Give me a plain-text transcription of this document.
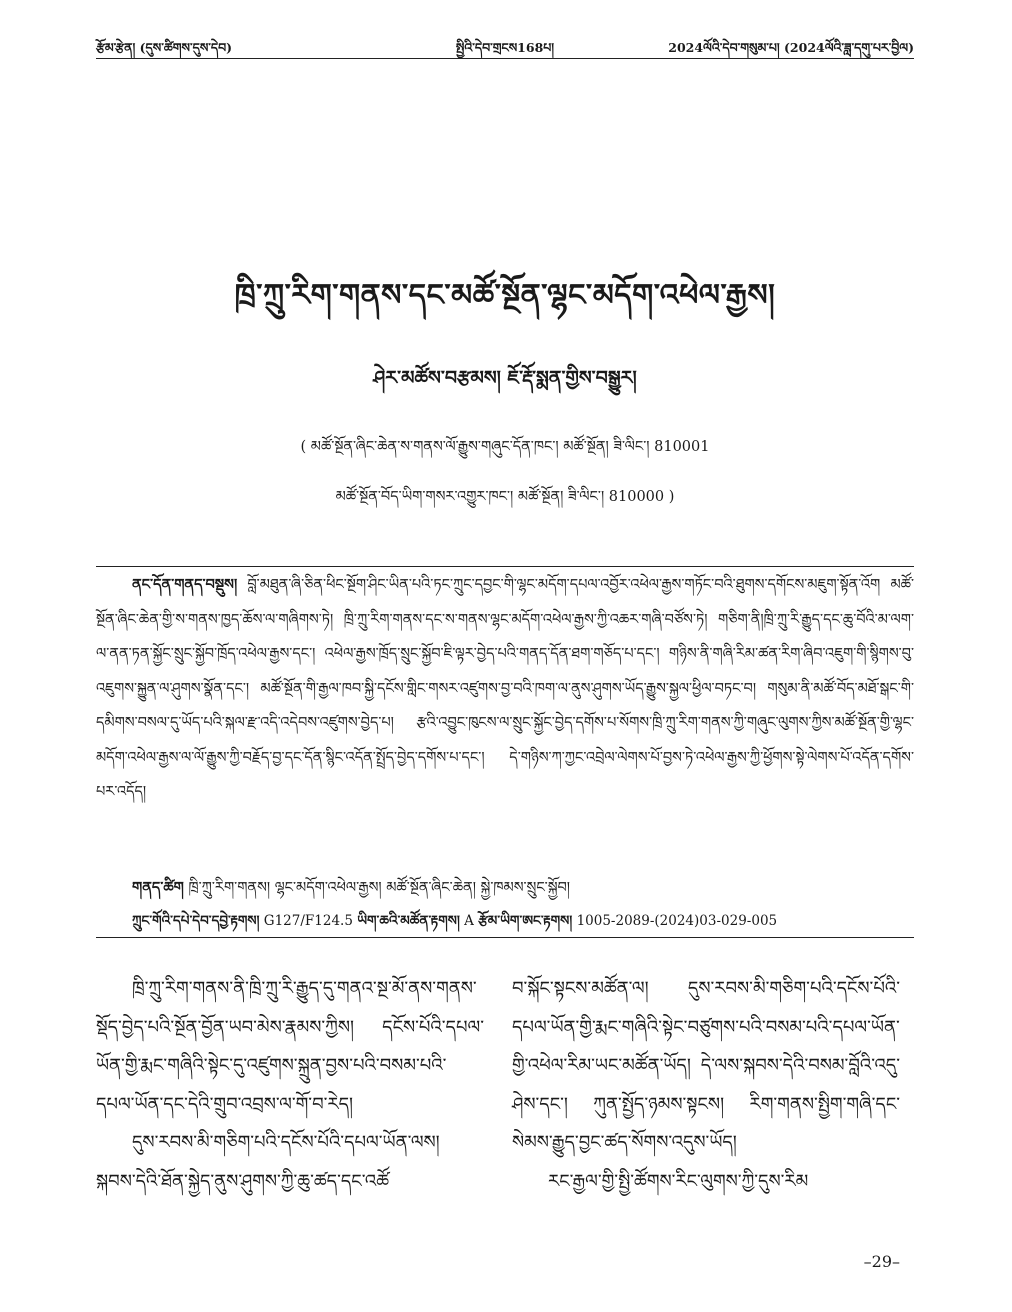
རྩོམ་རྩེན། (དུས་ཚིགས་དུས་དེབ)	སྤྱིའི་དེབ་གྲངས168པ།	2024ལོའི་དེབ་གསུམ་པ། (2024ལོའི་ཟླ་དགུ་པར་བྱིལ)
ཁྲི་ཀྲུ་རིག་གནས་དང་མཚོ་སྔོན་ལྷང་མདོག་འཕེལ་རྒྱས།
ཤེར་མཚོས་བརྩམས། ཇོ་རྡོ་སྨན་གྱིས་བསྒྱུར།
( མཚོ་སྔོན་ཞིང་ཆེན་ས་གནས་ལོ་རྒྱུས་གཞུང་དོན་ཁང་། མཚོ་སྔོན། ཟི་ལིང་། 810001
མཚོ་སྔོན་བོད་ཡིག་གསར་འགྱུར་ཁང་། མཚོ་སྔོན། ཟི་ལིང་། 810000 )

ནང་དོན་གནད་བསྡུས། བློ་མཐུན་ཞི་ཅིན་ཕིང་སྔོག་ཤིང་ཡིན་པའི་ཏང་ཀྲུང་དབྱང་གི་ལྷང་མདོག་དཔལ་འབྱོར་འཕེལ་རྒྱས་གཏོང་བའི་ཐུགས་དགོངས་མཇུག་སྟོན་འོག མཚོ་སྔོན་ཞིང་ཆེན་གྱི་ས་གནས་ཁྱད་ཆོས་ལ་གཞིགས་ཏེ། ཁྲི་ཀྲུ་རིག་གནས་དང་ས་གནས་ལྷང་མདོག་འཕེལ་རྒྱས་ཀྱི་འཆར་གཞི་བཙོས་ཏེ། གཅིག་ནི།ཁྲི་ཀྲུ་རི་རྒྱུད་དང་ཆུ་བོའི་མ་ལག་ལ་ནན་ཏན་སྐྱོང་སྲུང་སྐྱོབ་ཁྲོད་འཕེལ་རྒྱས་དང་། འཕེལ་རྒྱས་ཁྲོད་སྲུང་སྐྱོབ་ཇི་ལྟར་བྱེད་པའི་གནད་དོན་ཐག་གཅོད་པ་དང་། གཉིས་ནི་གཞི་རིམ་ཚན་རིག་ཞིབ་འཇུག་གི་སྙིགས་བུ་འཇུགས་སྐྱུན་ལ་ཤུགས་སྣོན་དང་། མཚོ་སྔོན་གི་རྒྱལ་ཁབ་སྐྱི་དངོས་གླིང་གསར་འཛུགས་བྱ་བའི་ཁག་ལ་ནུས་ཤུགས་ཡོད་རྒྱུས་སྐྱལ་ཕྱིལ་བཏང་བ། གསུམ་ནི་མཚོ་བོད་མཐོ་སྒང་གི་དམིགས་བསལ་དུ་ཡོད་པའི་སྐལ་རྫ་འདི་འདེབས་འཛུགས་བྱེད་པ། རྩའི་འབྱུང་ཁུངས་ལ་སྲུང་སྐྱོང་བྱེད་དགོས་པ་སོགས་ཁྲི་ཀྲུ་རིག་གནས་ཀྱི་གཞུང་ལུགས་ཀྱིས་མཚོ་སྔོན་གྱི་ལྷང་མདོག་འཕེལ་རྒྱས་ལ་ལོ་རྒྱུས་ཀྱི་བརྗོད་བྱ་དང་དོན་སྙིང་འདོན་སྤྲོད་བྱེད་དགོས་པ་དང་། དེ་གཉིས་ཀ་ཀྱང་འབྲེལ་ལེགས་པོ་བྱས་ཏེ་འཕེལ་རྒྱས་ཀྱི་ཕྱོགས་སྟེ་ལེགས་པོ་འདོན་དགོས་པར་འདོད།

གནད་ཚིག ཁྲི་ཀྲུ་རིག་གནས། ལྷང་མདོག་འཕེལ་རྒྱས། མཚོ་སྔོན་ཞིང་ཆེན། སྐྱེ་ཁམས་སྲུང་སྐྱོབ།
ཀྲུང་གོའི་དཔེ་དེབ་དབྱེ་རྟགས། G127/F124.5 ཡིག་ཆའི་མཚོན་རྟགས། A རྩོམ་ཡིག་ཨང་རྟགས། 1005-2089-(2024)03-029-005

ཁྲི་ཀྲུ་རིག་གནས་ནི་ཁྲི་ཀྲུ་རི་རྒྱུད་དུ་གནའ་སྔ་མོ་ནས་གནས་སྡོད་བྱེད་པའི་སྔོན་བྱོན་ཡབ་མེས་རྣམས་ཀྱིས། དངོས་པོའི་དཔལ་ཡོན་གྱི་རྨང་གཞིའི་སྟེང་དུ་འཛུགས་སྐྲུན་བྱས་པའི་བསམ་པའི་དཔལ་ཡོན་དང་དེའི་གྲུབ་འབྲས་ལ་གོ་བ་རེད།

དུས་རབས་མི་གཅིག་པའི་དངོས་པོའི་དཔལ་ཡོན་ལས། སྐབས་དེའི་ཐོན་སྐྱེད་ནུས་ཤུགས་ཀྱི་ཆུ་ཚད་དང་འཚོ

བ་སྐོང་སྟངས་མཚོན་ལ། དུས་རབས་མི་གཅིག་པའི་དངོས་པོའི་དཔལ་ཡོན་གྱི་རྨང་གཞིའི་སྟེང་བཙུགས་པའི་བསམ་པའི་དཔལ་ཡོན་གྱི་འཕེལ་རིམ་ཡང་མཚོན་ཡོད། དེ་ལས་སྐབས་དེའི་བསམ་བློའི་འདུ་ཤེས་དང་། ཀུན་སྤྱོད་ཉམས་སྟངས། རིག་གནས་སྤྱིག་གཞི་དང་སེམས་རྒྱུད་བྱང་ཚད་སོགས་འདུས་ཡོད།

རང་རྒྱལ་གྱི་སྤྱི་ཚོགས་རིང་ལུགས་ཀྱི་དུས་རིམ

–29–
